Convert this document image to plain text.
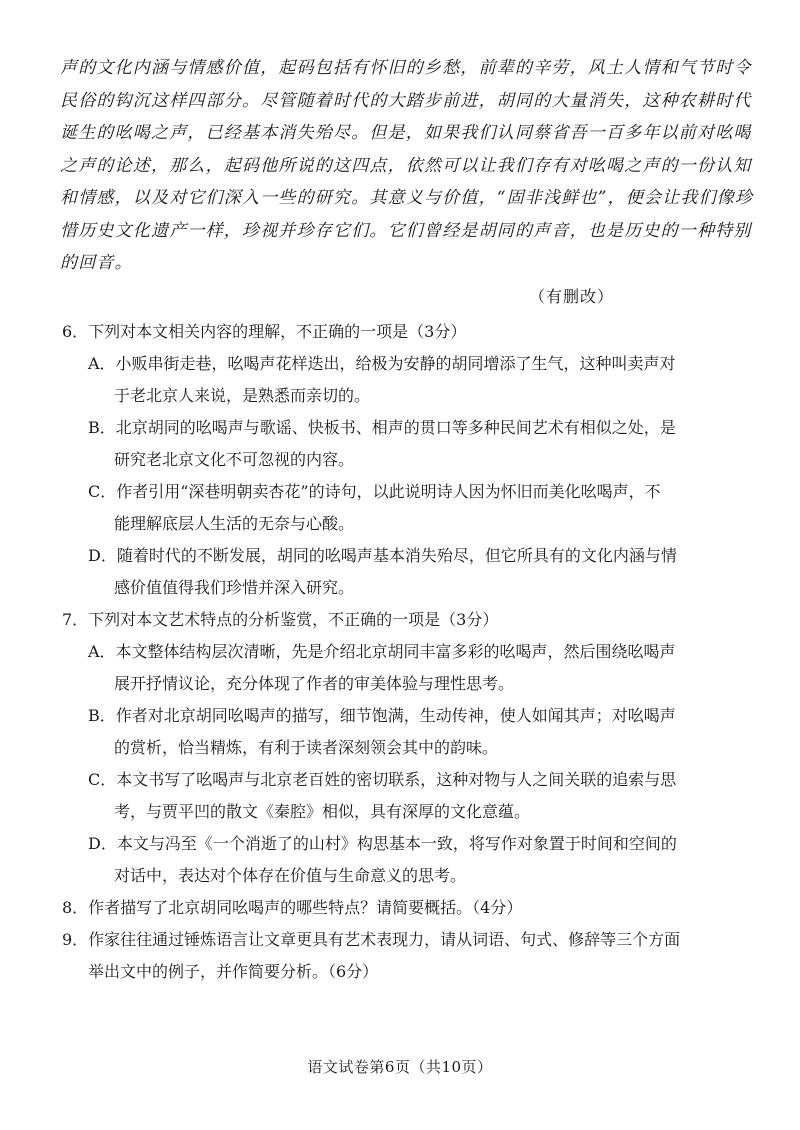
声的文化内涵与情感价值，起码包括有怀旧的乡愁，前辈的辛劳，风土人情和气节时令
民俗的钩沉这样四部分。尽管随着时代的大踏步前进，胡同的大量消失，这种农耕时代
诞生的吆喝之声，已经基本消失殆尽。但是，如果我们认同蔡省吾一百多年以前对吆喝
之声的论述，那么，起码他所说的这四点，依然可以让我们存有对吆喝之声的一份认知
和情感，以及对它们深入一些的研究。其意义与价值，“固非浅鲜也”，便会让我们像珍
惜历史文化遗产一样，珍视并珍存它们。它们曾经是胡同的声音，也是历史的一种特别
的回音。
（有删改）
6．下列对本文相关内容的理解，不正确的一项是（3分）
A．小贩串街走巷，吆喝声花样迭出，给极为安静的胡同增添了生气，这种叫卖声对
于老北京人来说，是熟悉而亲切的。
B．北京胡同的吆喝声与歌谣、快板书、相声的贯口等多种民间艺术有相似之处，是
研究老北京文化不可忽视的内容。
C．作者引用“深巷明朝卖杏花”的诗句，以此说明诗人因为怀旧而美化吆喝声，不
能理解底层人生活的无奈与心酸。
D．随着时代的不断发展，胡同的吆喝声基本消失殆尽，但它所具有的文化内涵与情
感价值值得我们珍惜并深入研究。
7．下列对本文艺术特点的分析鉴赏，不正确的一项是（3分）
A．本文整体结构层次清晰，先是介绍北京胡同丰富多彩的吆喝声，然后围绕吆喝声
展开抒情议论，充分体现了作者的审美体验与理性思考。
B．作者对北京胡同吆喝声的描写，细节饱满，生动传神，使人如闻其声；对吆喝声
的赏析，恰当精炼，有利于读者深刻领会其中的韵味。
C．本文书写了吆喝声与北京老百姓的密切联系，这种对物与人之间关联的追索与思
考，与贾平凹的散文《秦腔》相似，具有深厚的文化意蕴。
D．本文与冯至《一个消逝了的山村》构思基本一致，将写作对象置于时间和空间的
对话中，表达对个体存在价值与生命意义的思考。
8．作者描写了北京胡同吆喝声的哪些特点？请简要概括。（4分）
9．作家往往通过锤炼语言让文章更具有艺术表现力，请从词语、句式、修辞等三个方面
举出文中的例子，并作简要分析。（6分）
语文试卷第6页（共10页）
